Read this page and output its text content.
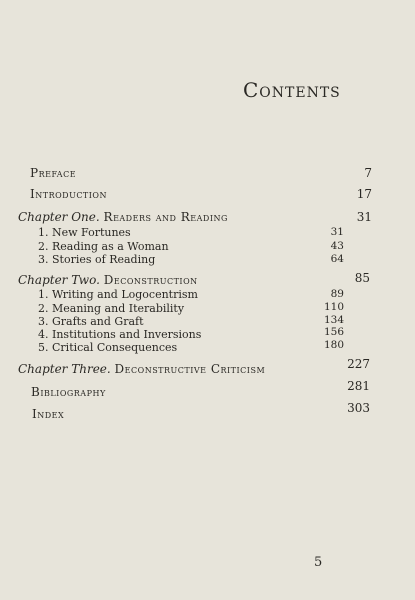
Contents
Preface	7
Introduction	17
Chapter One. Readers and Reading	31
1. New Fortunes	31
2. Reading as a Woman	43
3. Stories of Reading	64
Chapter Two. Deconstruction	85
1. Writing and Logocentrism	89
2. Meaning and Iterability	110
3. Grafts and Graft	134
4. Institutions and Inversions	156
5. Critical Consequences	180
Chapter Three. Deconstructive Criticism	227
Bibliography	281
Index	303
5
